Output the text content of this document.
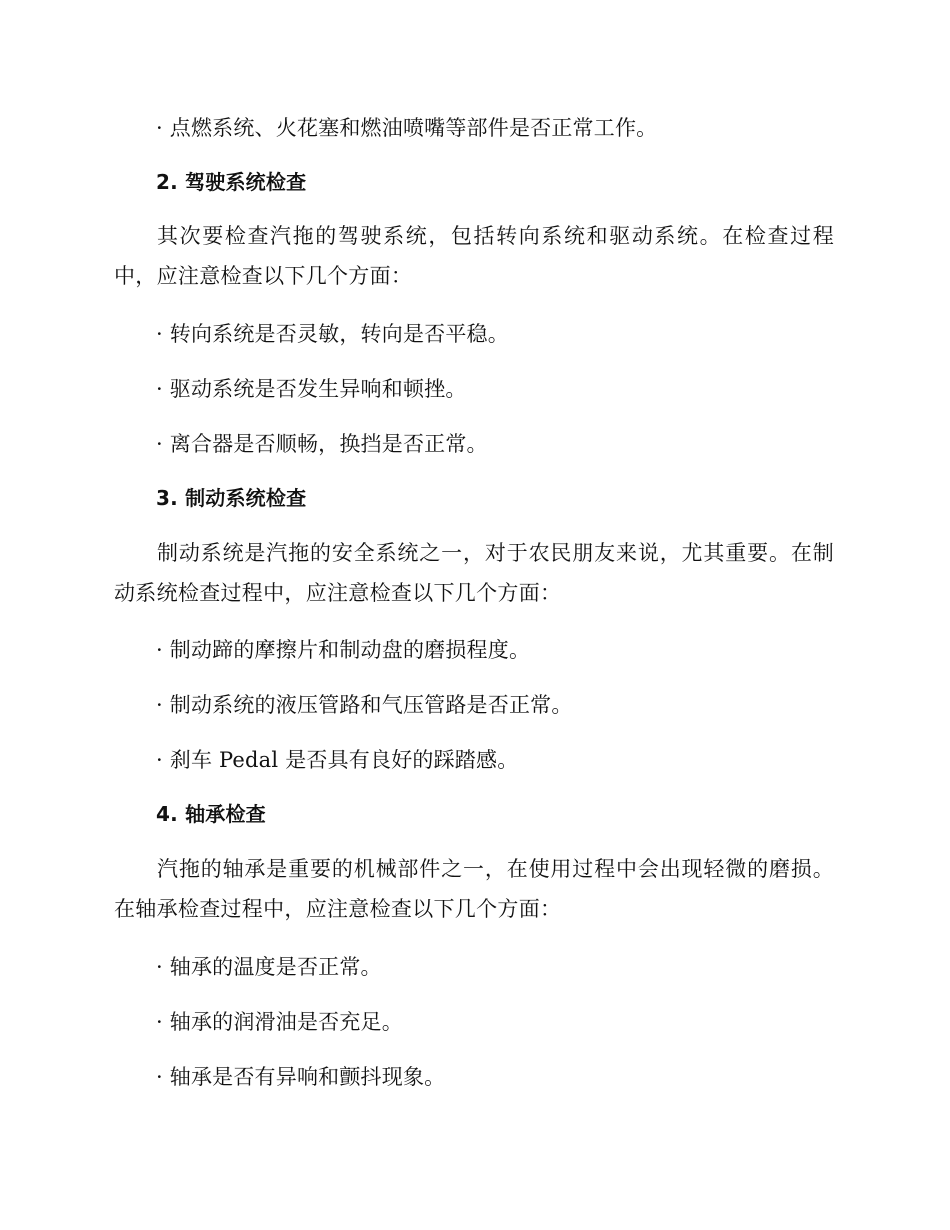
· 点燃系统、火花塞和燃油喷嘴等部件是否正常工作。
2. 驾驶系统检查
其次要检查汽拖的驾驶系统，包括转向系统和驱动系统。在检查过程中，应注意检查以下几个方面：
· 转向系统是否灵敏，转向是否平稳。
· 驱动系统是否发生异响和顿挫。
· 离合器是否顺畅，换挡是否正常。
3. 制动系统检查
制动系统是汽拖的安全系统之一，对于农民朋友来说，尤其重要。在制动系统检查过程中，应注意检查以下几个方面：
· 制动蹄的摩擦片和制动盘的磨损程度。
· 制动系统的液压管路和气压管路是否正常。
· 刹车 Pedal 是否具有良好的踩踏感。
4. 轴承检查
汽拖的轴承是重要的机械部件之一，在使用过程中会出现轻微的磨损。在轴承检查过程中，应注意检查以下几个方面：
· 轴承的温度是否正常。
· 轴承的润滑油是否充足。
· 轴承是否有异响和颤抖现象。
